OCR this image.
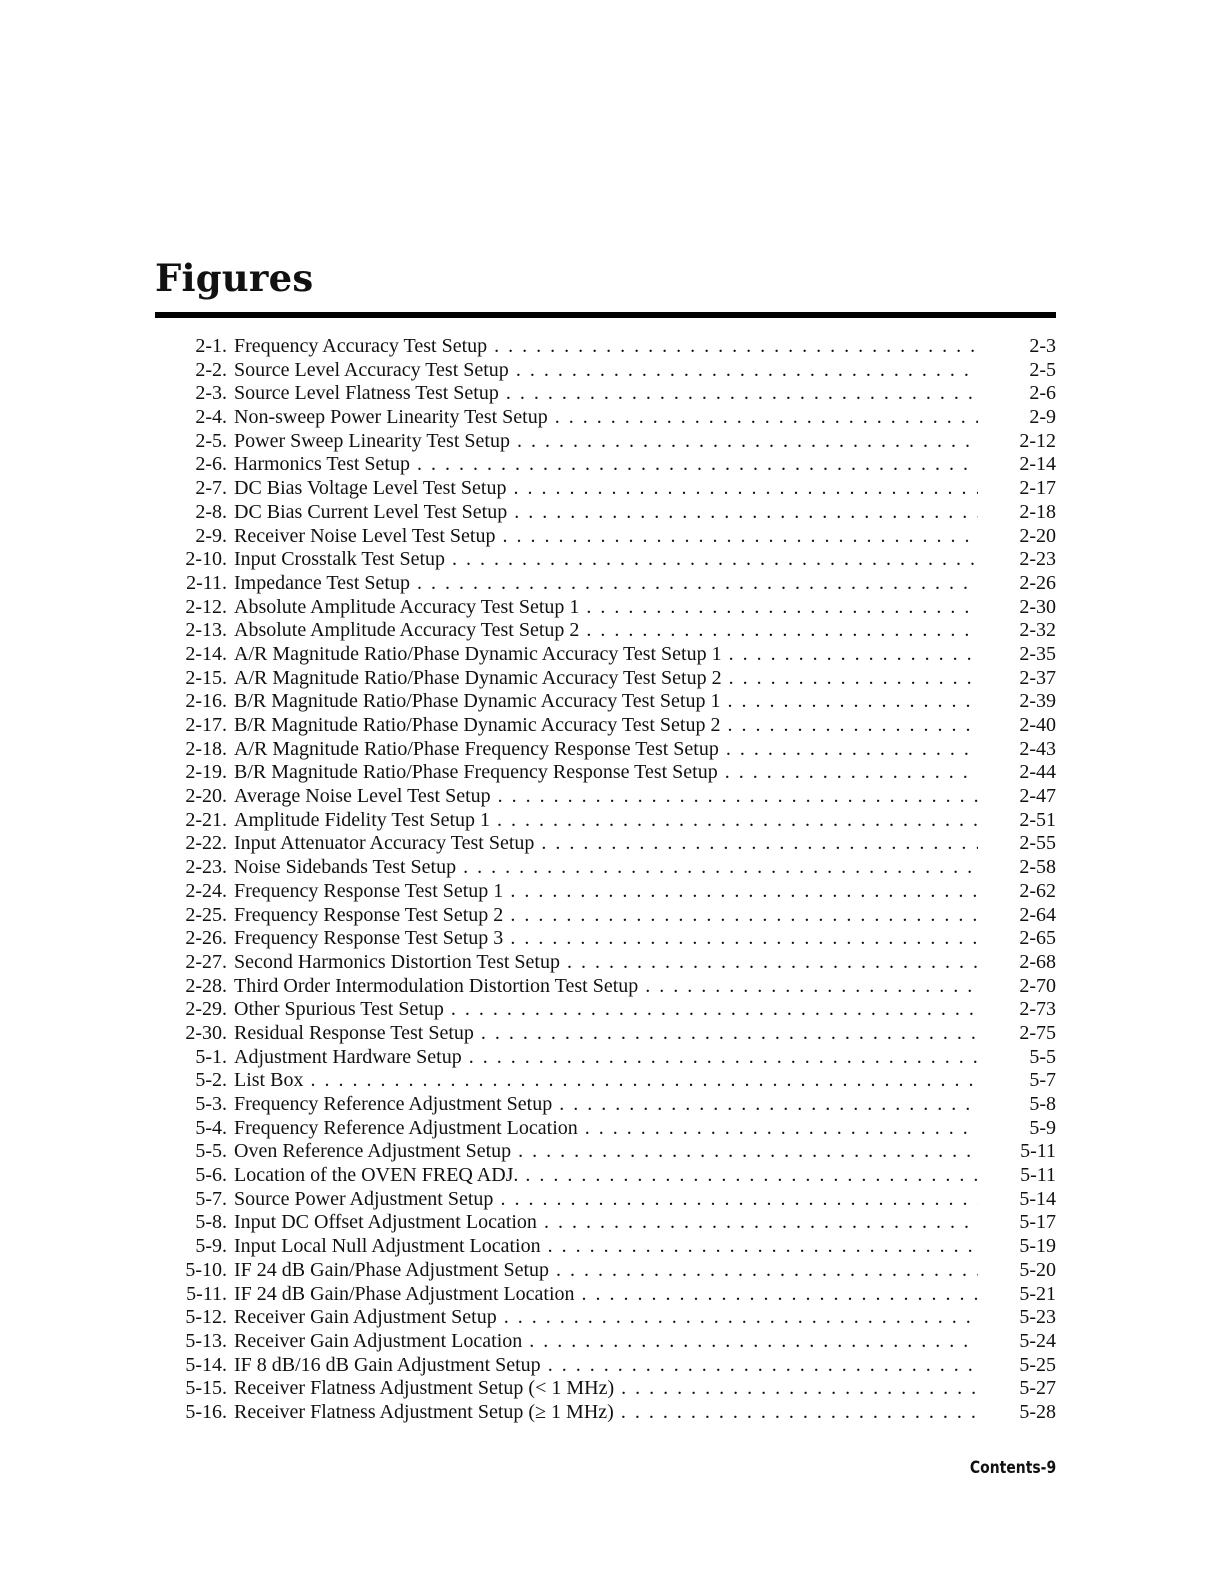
Figures
2-1. Frequency Accuracy Test Setup . . .	2-3
2-2. Source Level Accuracy Test Setup . . .	2-5
2-3. Source Level Flatness Test Setup . . .	2-6
2-4. Non-sweep Power Linearity Test Setup . . .	2-9
2-5. Power Sweep Linearity Test Setup . . .	2-12
2-6. Harmonics Test Setup . . .	2-14
2-7. DC Bias Voltage Level Test Setup . . .	2-17
2-8. DC Bias Current Level Test Setup . . .	2-18
2-9. Receiver Noise Level Test Setup . . .	2-20
2-10. Input Crosstalk Test Setup . . .	2-23
2-11. Impedance Test Setup . . .	2-26
2-12. Absolute Amplitude Accuracy Test Setup 1 . . .	2-30
2-13. Absolute Amplitude Accuracy Test Setup 2 . . .	2-32
2-14. A/R Magnitude Ratio/Phase Dynamic Accuracy Test Setup 1 . . .	2-35
2-15. A/R Magnitude Ratio/Phase Dynamic Accuracy Test Setup 2 . . .	2-37
2-16. B/R Magnitude Ratio/Phase Dynamic Accuracy Test Setup 1 . . .	2-39
2-17. B/R Magnitude Ratio/Phase Dynamic Accuracy Test Setup 2 . . .	2-40
2-18. A/R Magnitude Ratio/Phase Frequency Response Test Setup . . .	2-43
2-19. B/R Magnitude Ratio/Phase Frequency Response Test Setup . . .	2-44
2-20. Average Noise Level Test Setup . . .	2-47
2-21. Amplitude Fidelity Test Setup 1 . . .	2-51
2-22. Input Attenuator Accuracy Test Setup . . .	2-55
2-23. Noise Sidebands Test Setup . . .	2-58
2-24. Frequency Response Test Setup 1 . . .	2-62
2-25. Frequency Response Test Setup 2 . . .	2-64
2-26. Frequency Response Test Setup 3 . . .	2-65
2-27. Second Harmonics Distortion Test Setup . . .	2-68
2-28. Third Order Intermodulation Distortion Test Setup . . .	2-70
2-29. Other Spurious Test Setup . . .	2-73
2-30. Residual Response Test Setup . . .	2-75
5-1. Adjustment Hardware Setup . . .	5-5
5-2. List Box . . .	5-7
5-3. Frequency Reference Adjustment Setup . . .	5-8
5-4. Frequency Reference Adjustment Location . . .	5-9
5-5. Oven Reference Adjustment Setup . . .	5-11
5-6. Location of the OVEN FREQ ADJ. . . .	5-11
5-7. Source Power Adjustment Setup . . .	5-14
5-8. Input DC Offset Adjustment Location . . .	5-17
5-9. Input Local Null Adjustment Location . . .	5-19
5-10. IF 24 dB Gain/Phase Adjustment Setup . . .	5-20
5-11. IF 24 dB Gain/Phase Adjustment Location . . .	5-21
5-12. Receiver Gain Adjustment Setup . . .	5-23
5-13. Receiver Gain Adjustment Location . . .	5-24
5-14. IF 8 dB/16 dB Gain Adjustment Setup . . .	5-25
5-15. Receiver Flatness Adjustment Setup (< 1 MHz) . . .	5-27
5-16. Receiver Flatness Adjustment Setup (≥ 1 MHz) . . .	5-28
Contents-9
